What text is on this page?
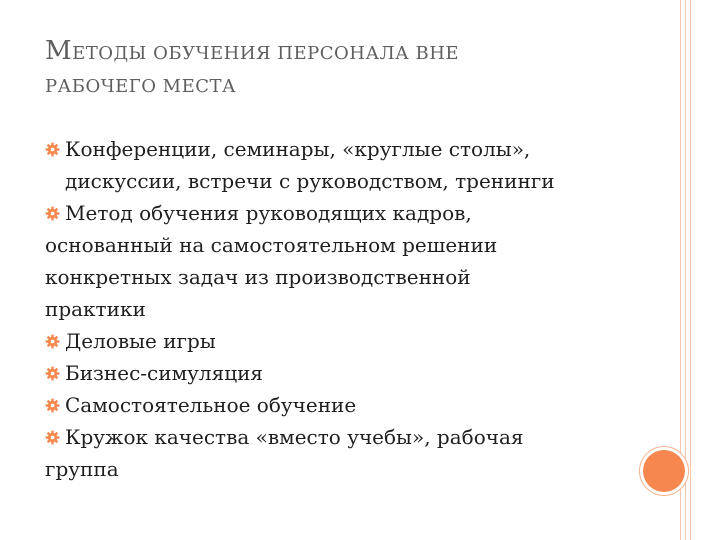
МЕТОДЫ ОБУЧЕНИЯ ПЕРСОНАЛА ВНЕ
РАБОЧЕГО МЕСТА
Конференции, семинары, «круглые столы»,
дискуссии, встречи с руководством, тренинги
Метод обучения руководящих кадров,
основанный на самостоятельном решении
конкретных задач из производственной
практики
Деловые игры
Бизнес-симуляция
Самостоятельное обучение
Кружок качества «вместо учебы», рабочая
группа
